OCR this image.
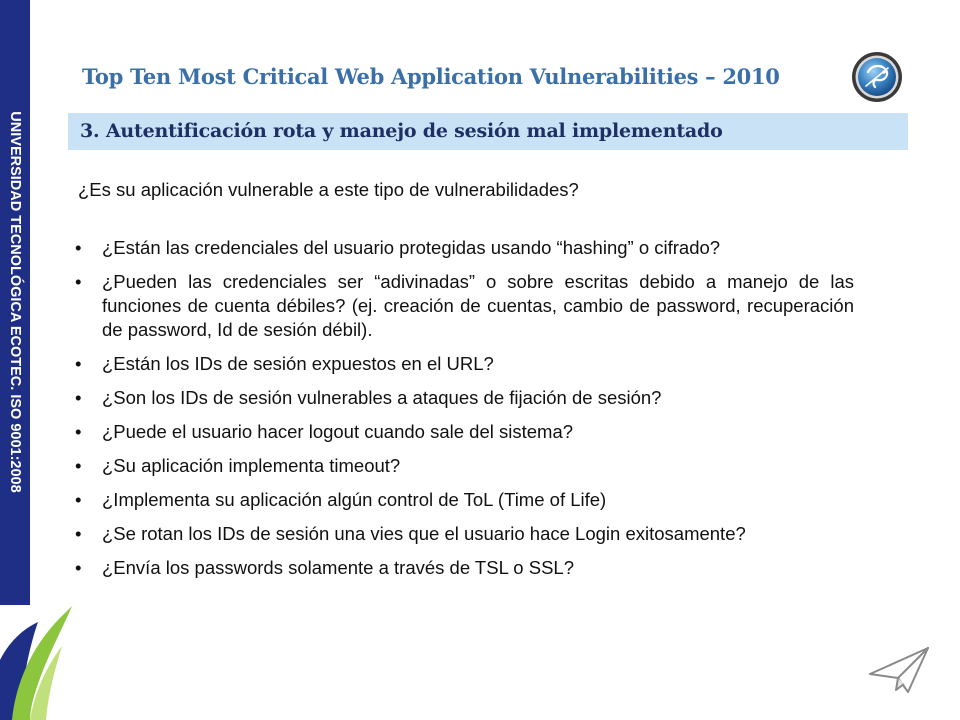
UNIVERSIDAD TECNOLÓGICA ECOTEC. ISO 9001:2008
Top Ten Most Critical Web Application Vulnerabilities – 2010
3. Autentificación rota y manejo de sesión mal implementado

¿Es su aplicación vulnerable a este tipo de vulnerabilidades?

• ¿Están las credenciales del usuario protegidas usando “hashing” o cifrado?
• ¿Pueden las credenciales ser “adivinadas” o sobre escritas debido a manejo de las funciones de cuenta débiles? (ej. creación de cuentas, cambio de password, recuperación de password, Id de sesión débil).
• ¿Están los IDs de sesión expuestos en el URL?
• ¿Son los IDs de sesión vulnerables a ataques de fijación de sesión?
• ¿Puede el usuario hacer logout cuando sale del sistema?
• ¿Su aplicación implementa timeout?
• ¿Implementa su aplicación algún control de ToL (Time of Life)
• ¿Se rotan los IDs de sesión una vies que el usuario hace Login exitosamente?
• ¿Envía los passwords solamente a través de TSL o SSL?
